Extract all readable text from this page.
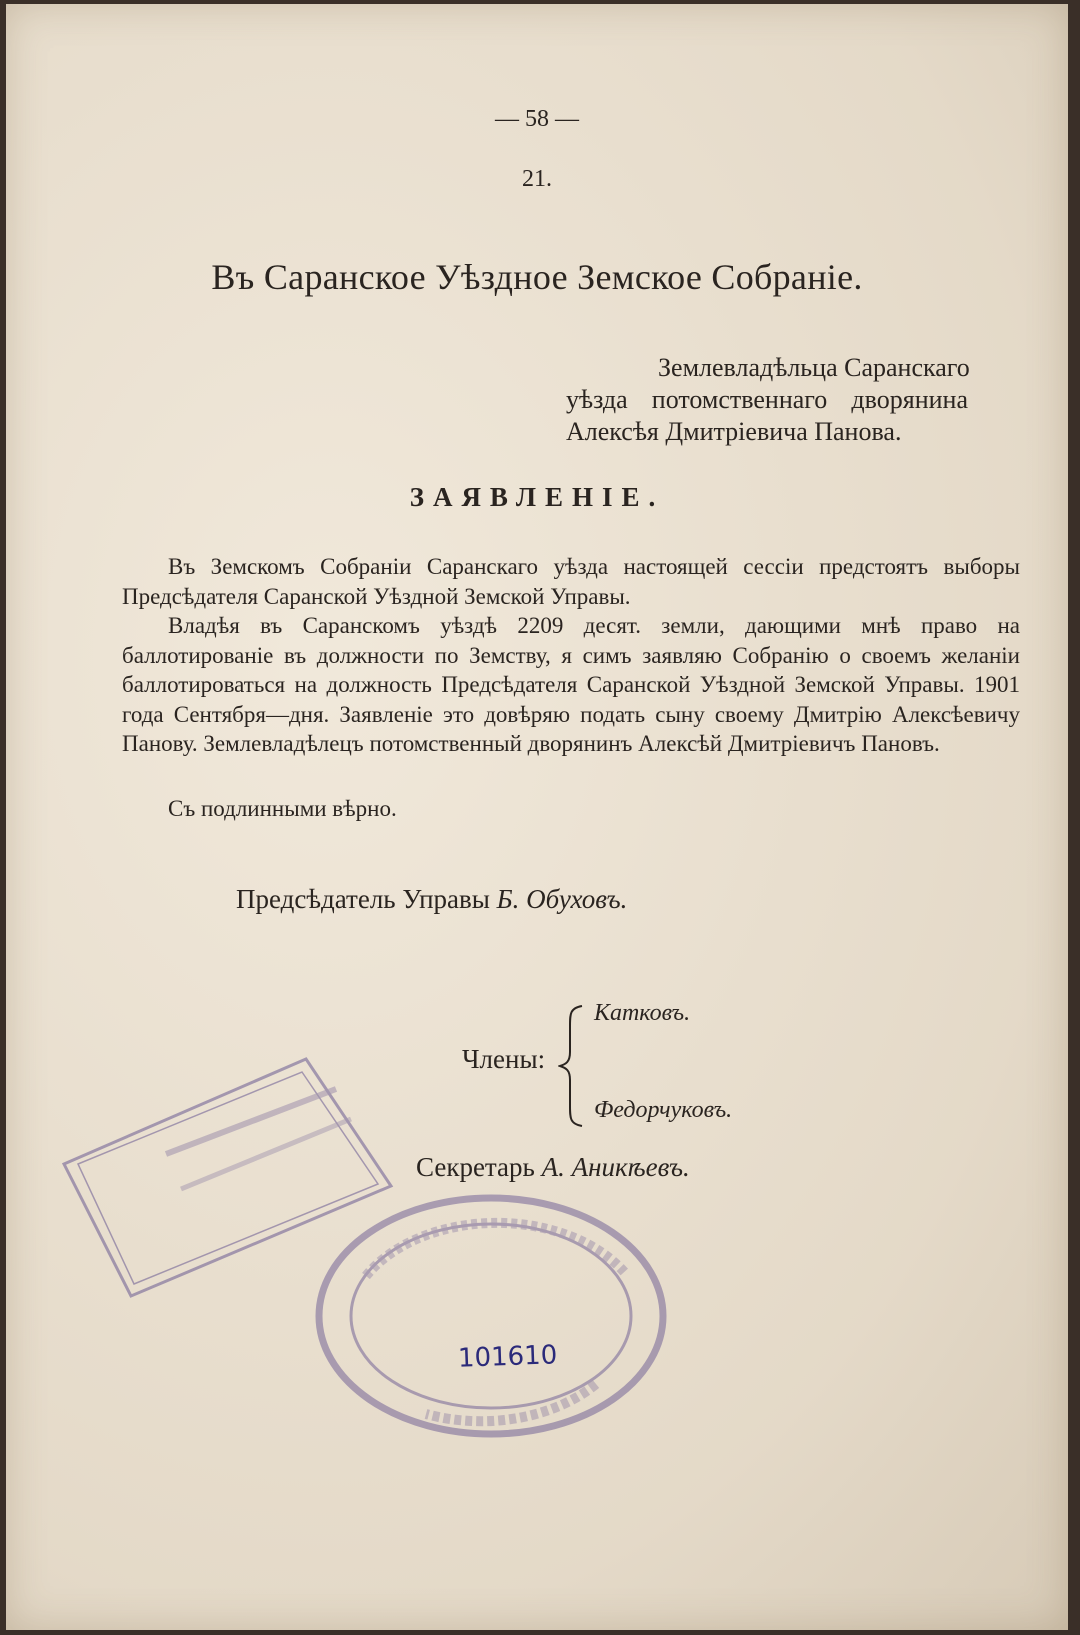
— 58 —
21.
Въ Саранское Уѣздное Земское Собраніе.
Землевладѣльца Саранскаго
уѣзда потомственнаго дворянина
Алексѣя Дмитріевича Панова.
ЗАЯВЛЕНІЕ.

Въ Земскомъ Собраніи Саранскаго уѣзда настоящей сессіи предстоятъ выборы Предсѣдателя Саранской Уѣздной Земской Управы.

Владѣя въ Саранскомъ уѣздѣ 2209 десят. земли, дающими мнѣ право на баллотированіе въ должности по Земству, я симъ заявляю Собранію о своемъ желаніи баллотироваться на должность Предсѣдателя Саранской Уѣздной Земской Управы. 1901 года Сентября—дня. Заявленіе это довѣряю подать сыну своему Дмитрію Алексѣевичу Панову. Землевладѣлецъ потомственный дворянинъ Алексѣй Дмитріевичъ Пановъ.

Съ подлинными вѣрно.
Предсѣдатель Управы Б. Обуховъ.
Члены:
Катковъ.
Федорчуковъ.
Секретарь А. Аникѣевъ.
101610
